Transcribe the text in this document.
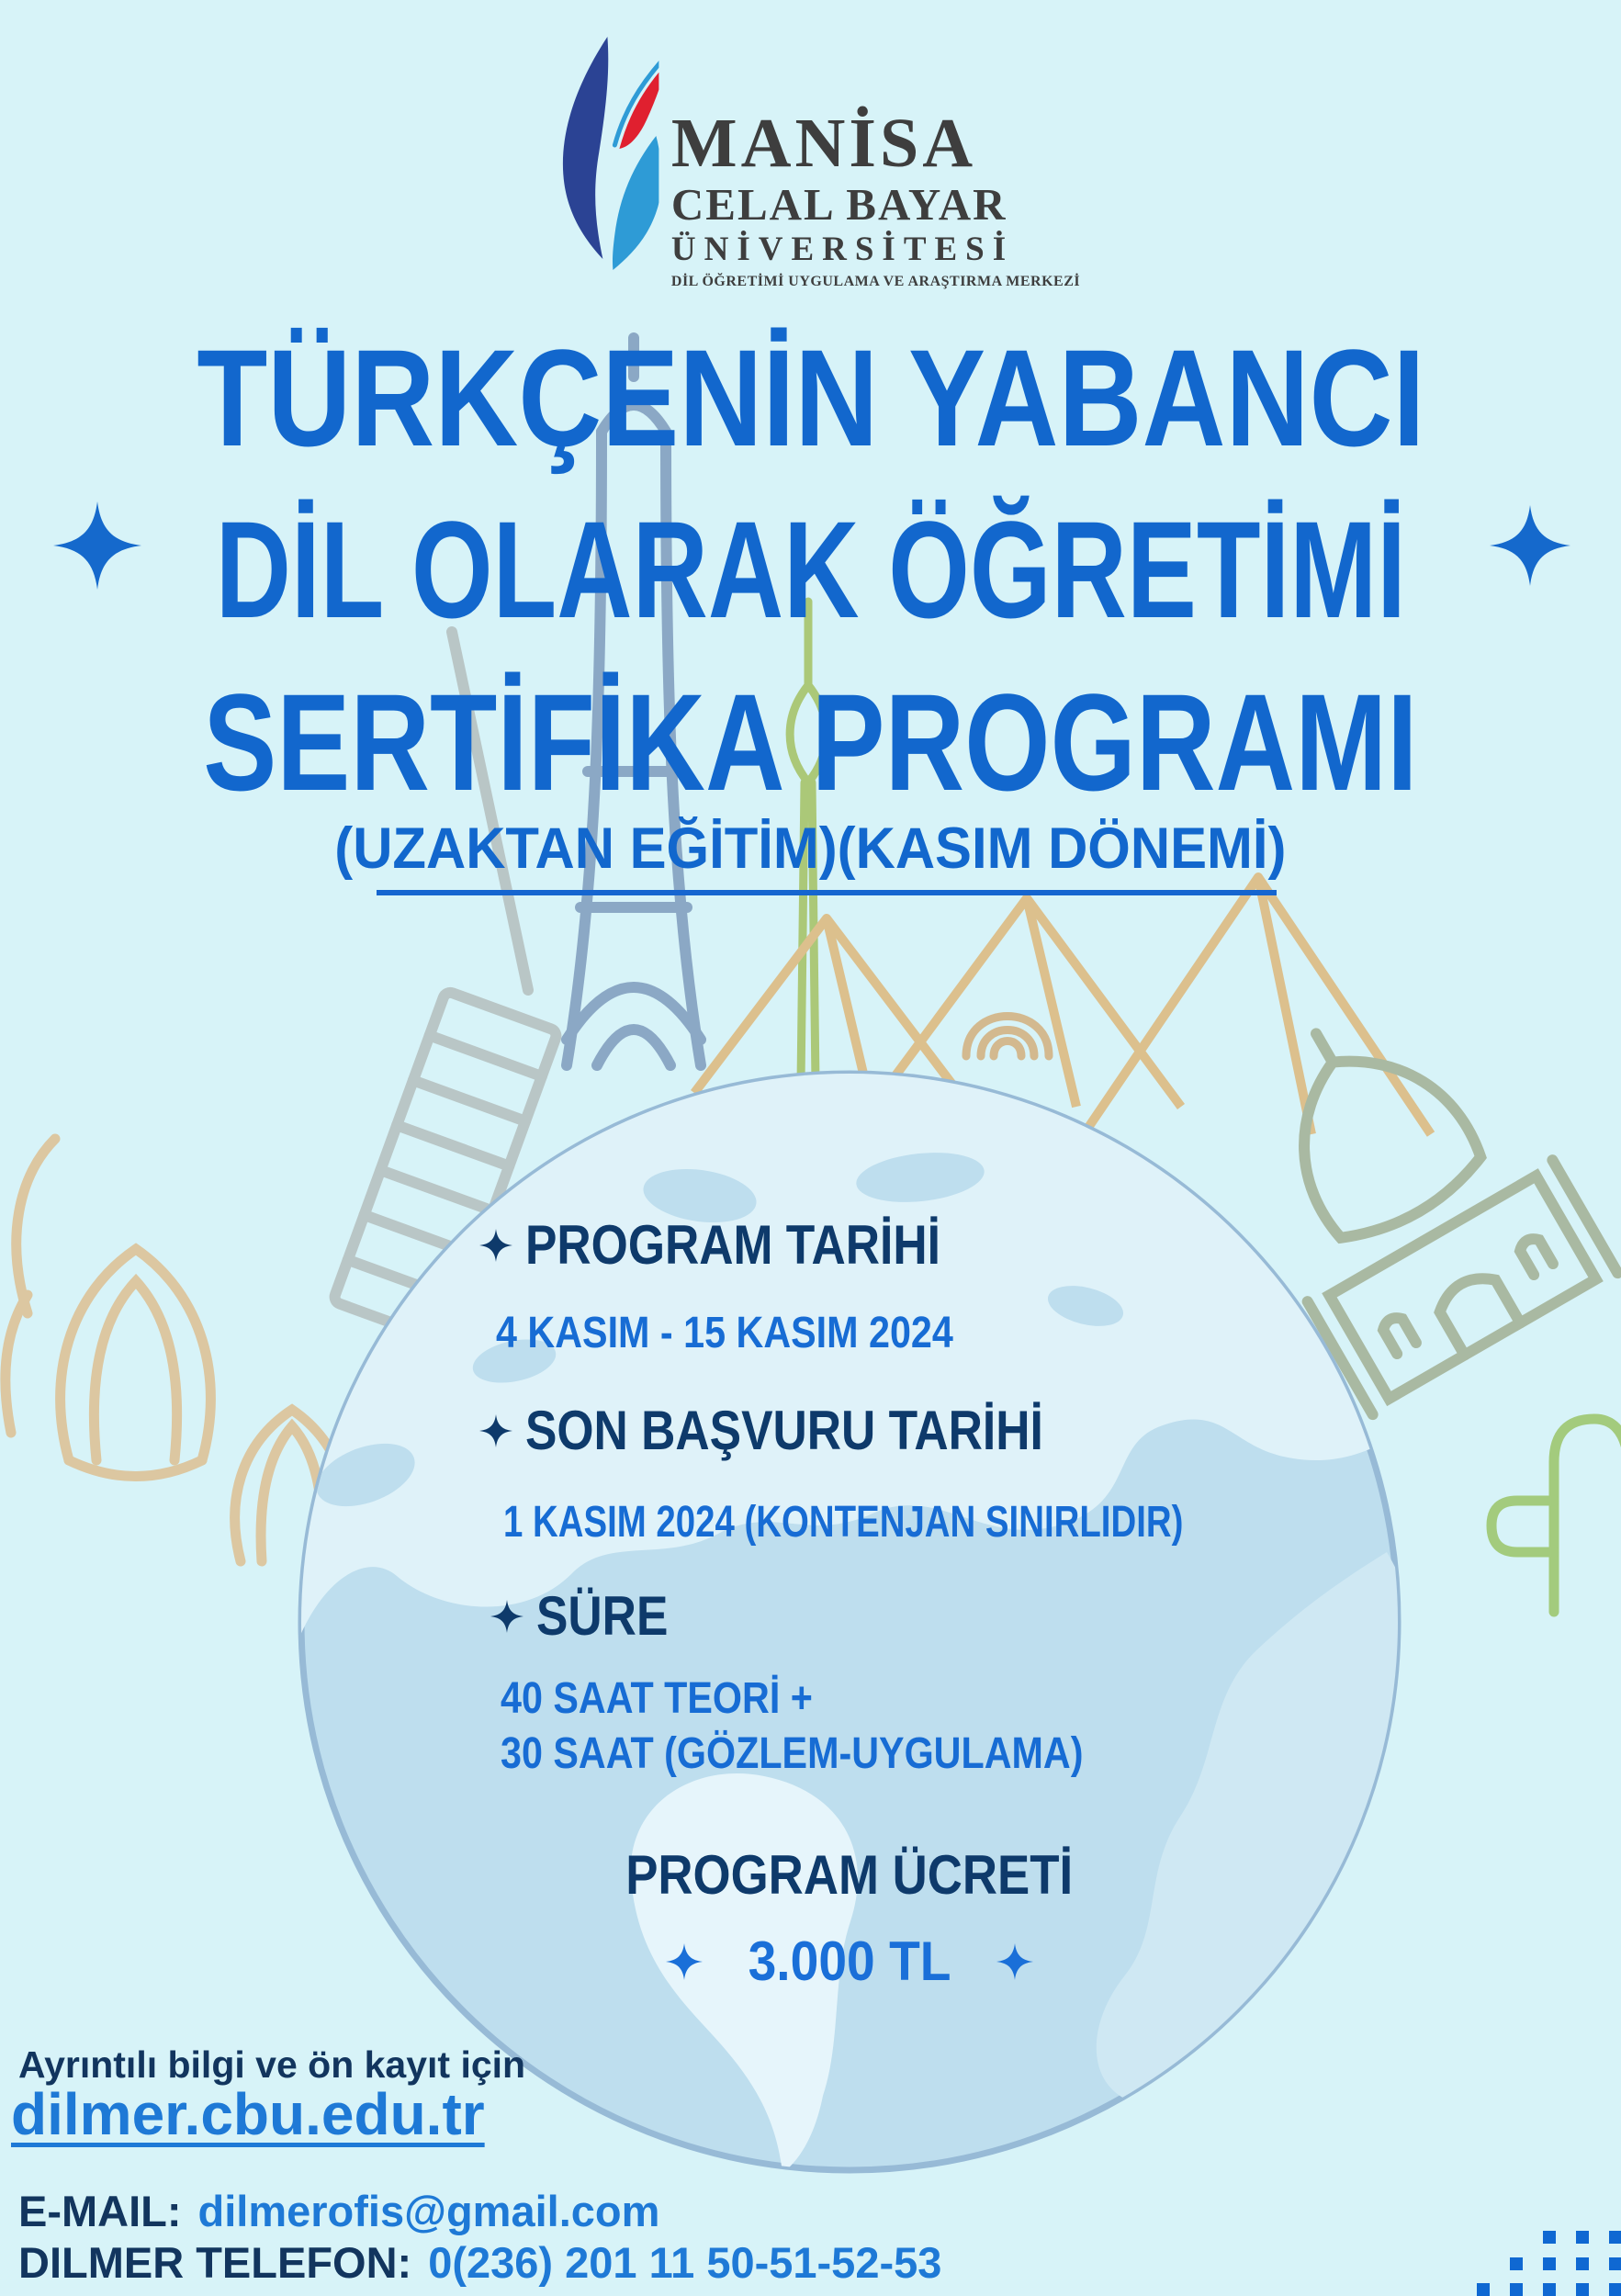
MANİSA
CELAL BAYAR
ÜNİVERSİTESİ
DİL ÖĞRETİMİ UYGULAMA VE ARAŞTIRMA MERKEZİ
TÜRKÇENİN YABANCI
DİL OLARAK ÖĞRETİMİ
SERTİFİKA PROGRAMI
(UZAKTAN EĞİTİM)(KASIM DÖNEMİ)
PROGRAM TARİHİ
4 KASIM - 15 KASIM 2024
SON BAŞVURU TARİHİ
1 KASIM 2024 (KONTENJAN SINIRLIDIR)
SÜRE
40 SAAT TEORİ +
30 SAAT (GÖZLEM-UYGULAMA)
PROGRAM ÜCRETİ
3.000 TL
Ayrıntılı bilgi ve ön kayıt için
dilmer.cbu.edu.tr
E-MAIL: dilmerofis@gmail.com
DILMER TELEFON: 0(236) 201 11 50-51-52-53
